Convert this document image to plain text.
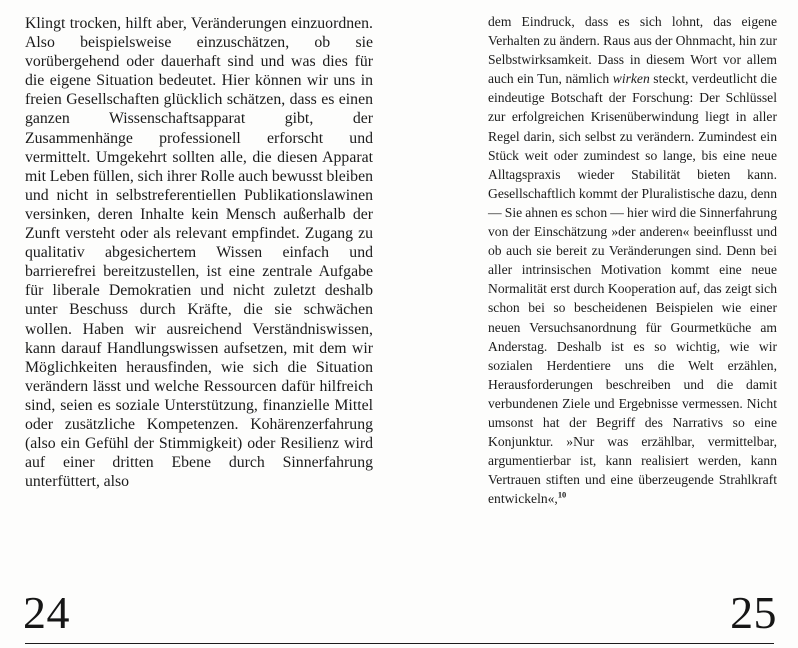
Klingt trocken, hilft aber, Veränderungen einzuordnen. Also beispielsweise einzuschätzen, ob sie vorübergehend oder dauerhaft sind und was dies für die eigene Situation bedeutet. Hier können wir uns in freien Gesellschaften glücklich schätzen, dass es einen ganzen Wissenschaftsapparat gibt, der Zusammenhänge professionell erforscht und vermittelt. Umgekehrt sollten alle, die diesen Apparat mit Leben füllen, sich ihrer Rolle auch bewusst bleiben und nicht in selbstreferentiellen Publikationslawinen versinken, deren Inhalte kein Mensch außerhalb der Zunft versteht oder als relevant empfindet. Zugang zu qualitativ abgesichertem Wissen einfach und barrierefrei bereitzustellen, ist eine zentrale Aufgabe für liberale Demokratien und nicht zuletzt deshalb unter Beschuss durch Kräfte, die sie schwächen wollen. Haben wir ausreichend Verständniswissen, kann darauf Handlungswissen aufsetzen, mit dem wir Möglichkeiten herausfinden, wie sich die Situation verändern lässt und welche Ressourcen dafür hilfreich sind, seien es soziale Unterstützung, finanzielle Mittel oder zusätzliche Kompetenzen. Kohärenzerfahrung (also ein Gefühl der Stimmigkeit) oder Resilienz wird auf einer dritten Ebene durch Sinnerfahrung unterfüttert, also

24

dem Eindruck, dass es sich lohnt, das eigene Verhalten zu ändern. Raus aus der Ohnmacht, hin zur Selbstwirksamkeit. Dass in diesem Wort vor allem auch ein Tun, nämlich wirken steckt, verdeutlicht die eindeutige Botschaft der Forschung: Der Schlüssel zur erfolgreichen Krisenüberwindung liegt in aller Regel darin, sich selbst zu verändern. Zumindest ein Stück weit oder zumindest so lange, bis eine neue Alltagspraxis wieder Stabilität bieten kann. Gesellschaftlich kommt der Pluralistische dazu, denn — Sie ahnen es schon — hier wird die Sinnerfahrung von der Einschätzung »der anderen« beeinflusst und ob auch sie bereit zu Veränderungen sind. Denn bei aller intrinsischen Motivation kommt eine neue Normalität erst durch Kooperation auf, das zeigt sich schon bei so bescheidenen Beispielen wie einer neuen Versuchsanordnung für Gourmetküche am Anderstag. Deshalb ist es so wichtig, wie wir sozialen Herdentiere uns die Welt erzählen, Herausforderungen beschreiben und die damit verbundenen Ziele und Ergebnisse vermessen. Nicht umsonst hat der Begriff des Narrativs so eine Konjunktur. »Nur was erzählbar, vermittelbar, argumentierbar ist, kann realisiert werden, kann Vertrauen stiften und eine überzeugende Strahlkraft entwickeln«,$^{10}$

25
